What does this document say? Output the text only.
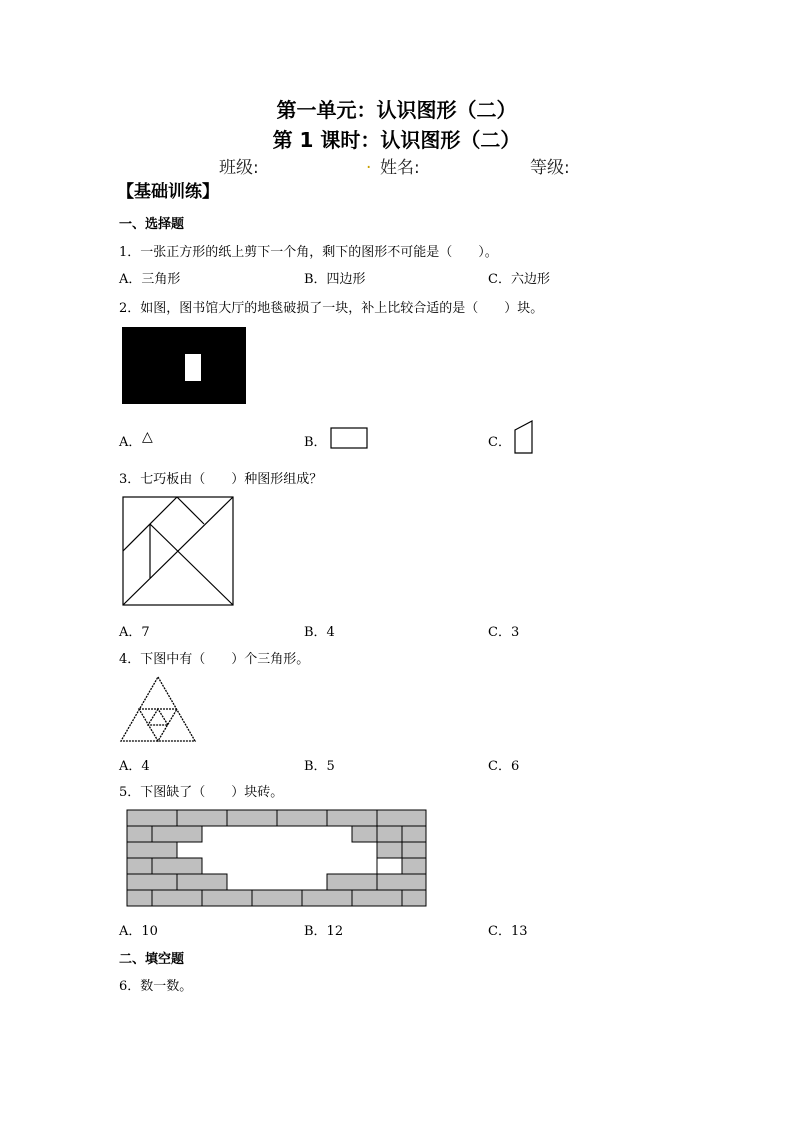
第一单元：认识图形（二）
第 1 课时：认识图形（二）
班级:	. 姓名:	等级:
【基础训练】
一、选择题
1．一张正方形的纸上剪下一个角，剩下的图形不可能是（　　）。
A．三角形	B．四边形	C．六边形
2．如图，图书馆大厅的地毯破损了一块，补上比较合适的是（　　）块。
A． △	B．	C．
3．七巧板由（　　）种图形组成？
A．7	B．4	C．3
4．下图中有（　　）个三角形。
A．4	B．5	C．6
5．下图缺了（　　）块砖。
A．10	B．12	C．13
二、填空题
6．数一数。
